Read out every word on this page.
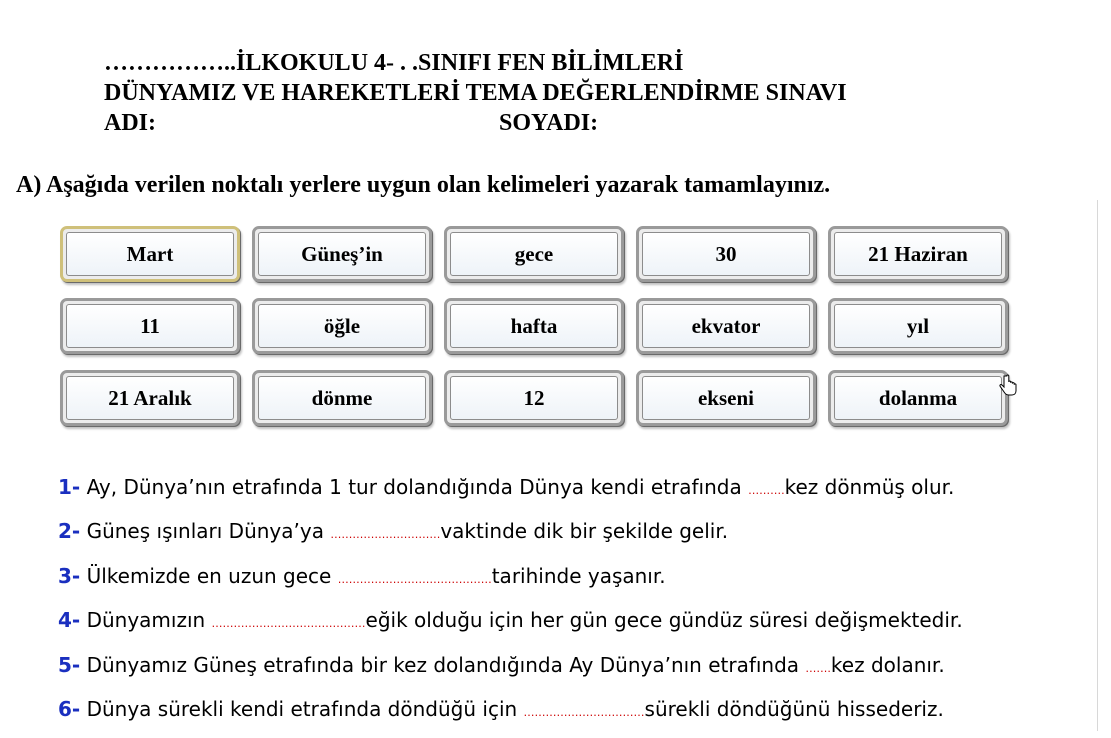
……………..İLKOKULU 4- . .SINIFI FEN BİLİMLERİ
DÜNYAMIZ VE HAREKETLERİ TEMA DEĞERLENDİRME SINAVI
ADI:	SOYADI:
A) Aşağıda verilen noktalı yerlere uygun olan kelimeleri yazarak tamamlayınız.
Mart	Güneş’in	gece	30	21 Haziran
11	öğle	hafta	ekvator	yıl
21 Aralık	dönme	12	ekseni	dolanma
1- Ay, Dünya’nın etrafında 1 tur dolandığında Dünya kendi etrafında ……….kez dönmüş olur.
2- Güneş ışınları Dünya’ya …………………………vaktinde dik bir şekilde gelir.
3- Ülkemizde en uzun gece ……………………………………tarihinde yaşanır.
4- Dünyamızın ……………………………………eğik olduğu için her gün gece gündüz süresi değişmektedir.
5- Dünyamız Güneş etrafında bir kez dolandığında Ay Dünya’nın etrafında …….kez dolanır.
6- Dünya sürekli kendi etrafında döndüğü için ……………………………sürekli döndüğünü hissederiz.
